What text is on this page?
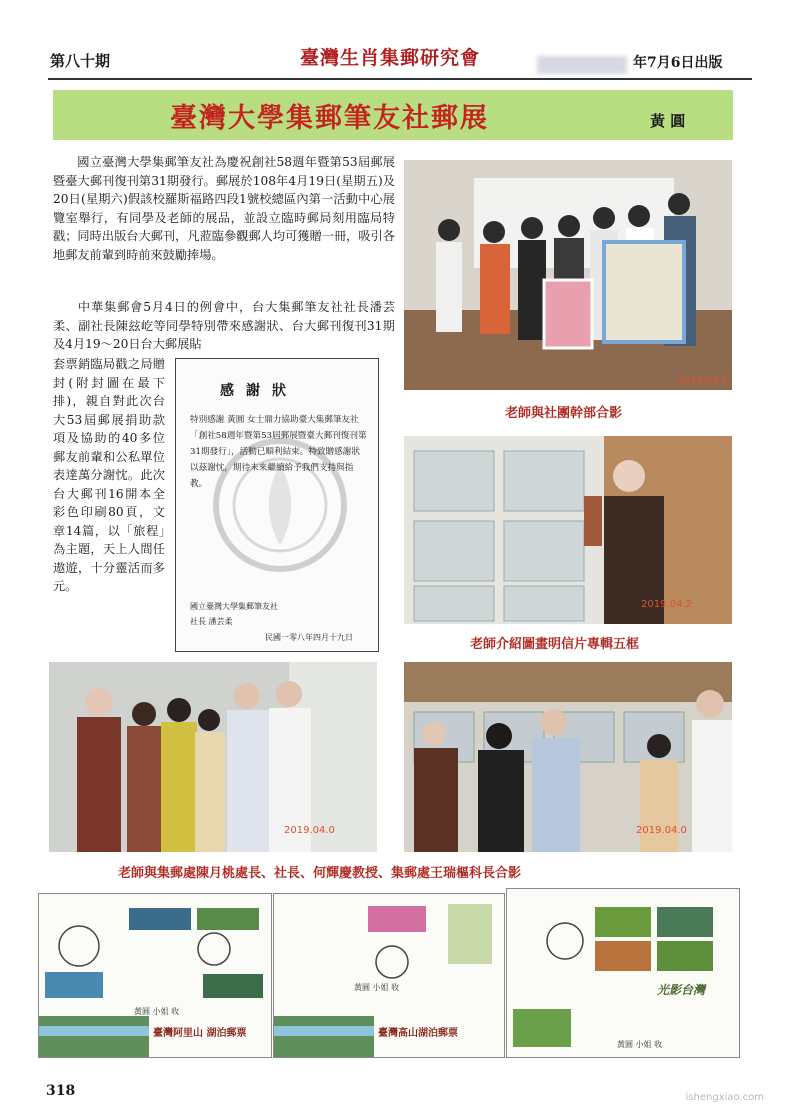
第八十期	臺灣生肖集郵研究會	年7月6日出版
臺灣大學集郵筆友社郵展	黃 圓
國立臺灣大學集郵筆友社為慶祝創社58週年暨第53屆郵展暨臺大郵刊復刊第31期發行。郵展於108年4月19日(星期五)及20日(星期六)假該校羅斯福路四段1號校總區內第一活動中心展覽室舉行，有同學及老師的展品，並設立臨時郵局刻用臨局特戳；同時出版台大郵刊，凡蒞臨參觀郵人均可獲贈一冊，吸引各地郵友前輩到時前來鼓勵捧場。
中華集郵會5月4日的例會中，台大集郵筆友社社長潘芸柔、副社長陳玆屹等同學特別帶來感謝狀、台大郵刊復刊31期及4月19～20日台大郵展貼
套票銷臨局戳之局贈封(附封圖在最下排)，親自對此次台大53屆郵展捐助款項及協助的40多位郵友前輩和公私單位表達萬分謝忱。此次台大郵刊16開本全彩色印刷80頁，文章14篇，以「旅程」為主題，天上人間任遨遊，十分靈活而多元。
感謝狀
特別感謝 黃圓 女士鼎力協助臺大集郵筆友社「創社58週年暨第53屆郵展暨臺大郵刊復刊第31期發行」，活動已順利結束。特致贈感謝狀以茲謝忱，期待未來繼續給予我們支持與指教。
國立臺灣大學集郵筆友社
社長 潘芸柔
民國一零八年四月十九日
2019.04.2
老師與社團幹部合影
2019.04.2
老師介紹圖畫明信片專輯五框
2019.04.0	2019.04.0
老師與集郵處陳月桃處長、社長、何輝慶教授、集郵處王瑞樞科長合影
臺灣阿里山 湖泊郵票
黃圓 小姐 收
臺灣高山湖泊郵票
黃圓 小姐 收	光影台灣
黃圓 小姐 收
318	ishengxiao.com
